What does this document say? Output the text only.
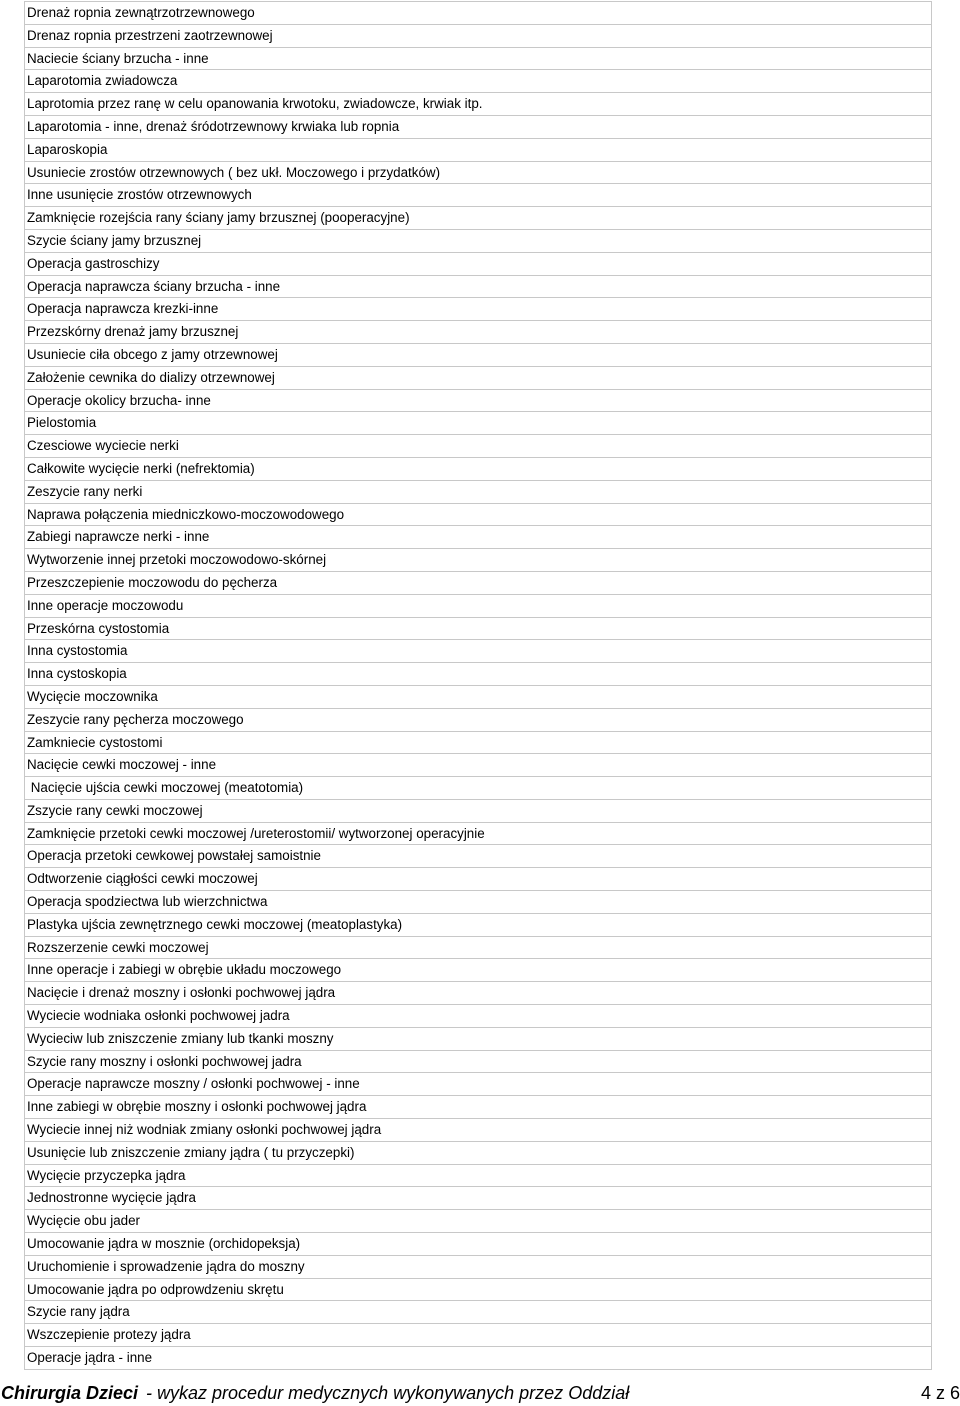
Drenaż ropnia zewnątrzotrzewnowego
Drenaz ropnia przestrzeni zaotrzewnowej
Naciecie ściany brzucha - inne
Laparotomia zwiadowcza
Laprotomia przez ranę w celu opanowania krwotoku, zwiadowcze, krwiak itp.
Laparotomia - inne, drenaż śródotrzewnowy krwiaka lub ropnia
Laparoskopia
Usuniecie zrostów otrzewnowych ( bez ukł. Moczowego i przydatków)
Inne usunięcie zrostów otrzewnowych
Zamknięcie rozejścia rany ściany jamy brzusznej (pooperacyjne)
Szycie ściany jamy brzusznej
Operacja gastroschizy
Operacja naprawcza ściany brzucha - inne
Operacja naprawcza krezki-inne
Przezskórny drenaż jamy brzusznej
Usuniecie ciła obcego z jamy otrzewnowej
Założenie cewnika do dializy otrzewnowej
Operacje okolicy brzucha- inne
Pielostomia
Czesciowe wyciecie nerki
Całkowite wycięcie nerki (nefrektomia)
Zeszycie rany nerki
Naprawa połączenia miedniczkowo-moczowodowego
Zabiegi naprawcze nerki - inne
Wytworzenie innej przetoki moczowodowo-skórnej
Przeszczepienie moczowodu do pęcherza
Inne operacje moczowodu
Przeskórna cystostomia
Inna cystostomia
Inna cystoskopia
Wycięcie moczownika
Zeszycie rany pęcherza moczowego
Zamkniecie cystostomi
Nacięcie cewki moczowej - inne
Nacięcie ujścia cewki moczowej (meatotomia)
Zszycie rany cewki moczowej
Zamknięcie przetoki cewki moczowej /ureterostomii/ wytworzonej operacyjnie
Operacja przetoki cewkowej powstałej samoistnie
Odtworzenie ciągłości cewki moczowej
Operacja spodziectwa lub wierzchnictwa
Plastyka ujścia zewnętrznego cewki moczowej (meatoplastyka)
Rozszerzenie cewki moczowej
Inne operacje i zabiegi w obrębie układu moczowego
Nacięcie i drenaż moszny i osłonki pochwowej jądra
Wyciecie wodniaka osłonki pochwowej jadra
Wycieciw lub zniszczenie zmiany lub tkanki moszny
Szycie rany moszny i osłonki pochwowej jadra
Operacje naprawcze moszny / osłonki pochwowej - inne
Inne zabiegi w obrębie moszny i osłonki pochwowej jądra
Wyciecie innej niż wodniak zmiany osłonki pochwowej jądra
Usunięcie lub zniszczenie zmiany jądra ( tu przyczepki)
Wycięcie przyczepka jądra
Jednostronne wycięcie jądra
Wycięcie obu jader
Umocowanie jądra w mosznie (orchidopeksja)
Uruchomienie i sprowadzenie jądra do moszny
Umocowanie jądra po odprowdzeniu skrętu
Szycie rany jądra
Wszczepienie protezy jądra
Operacje jądra - inne
Chirurgia Dzieci - wykaz procedur medycznych wykonywanych przez Oddział	4 z 6
